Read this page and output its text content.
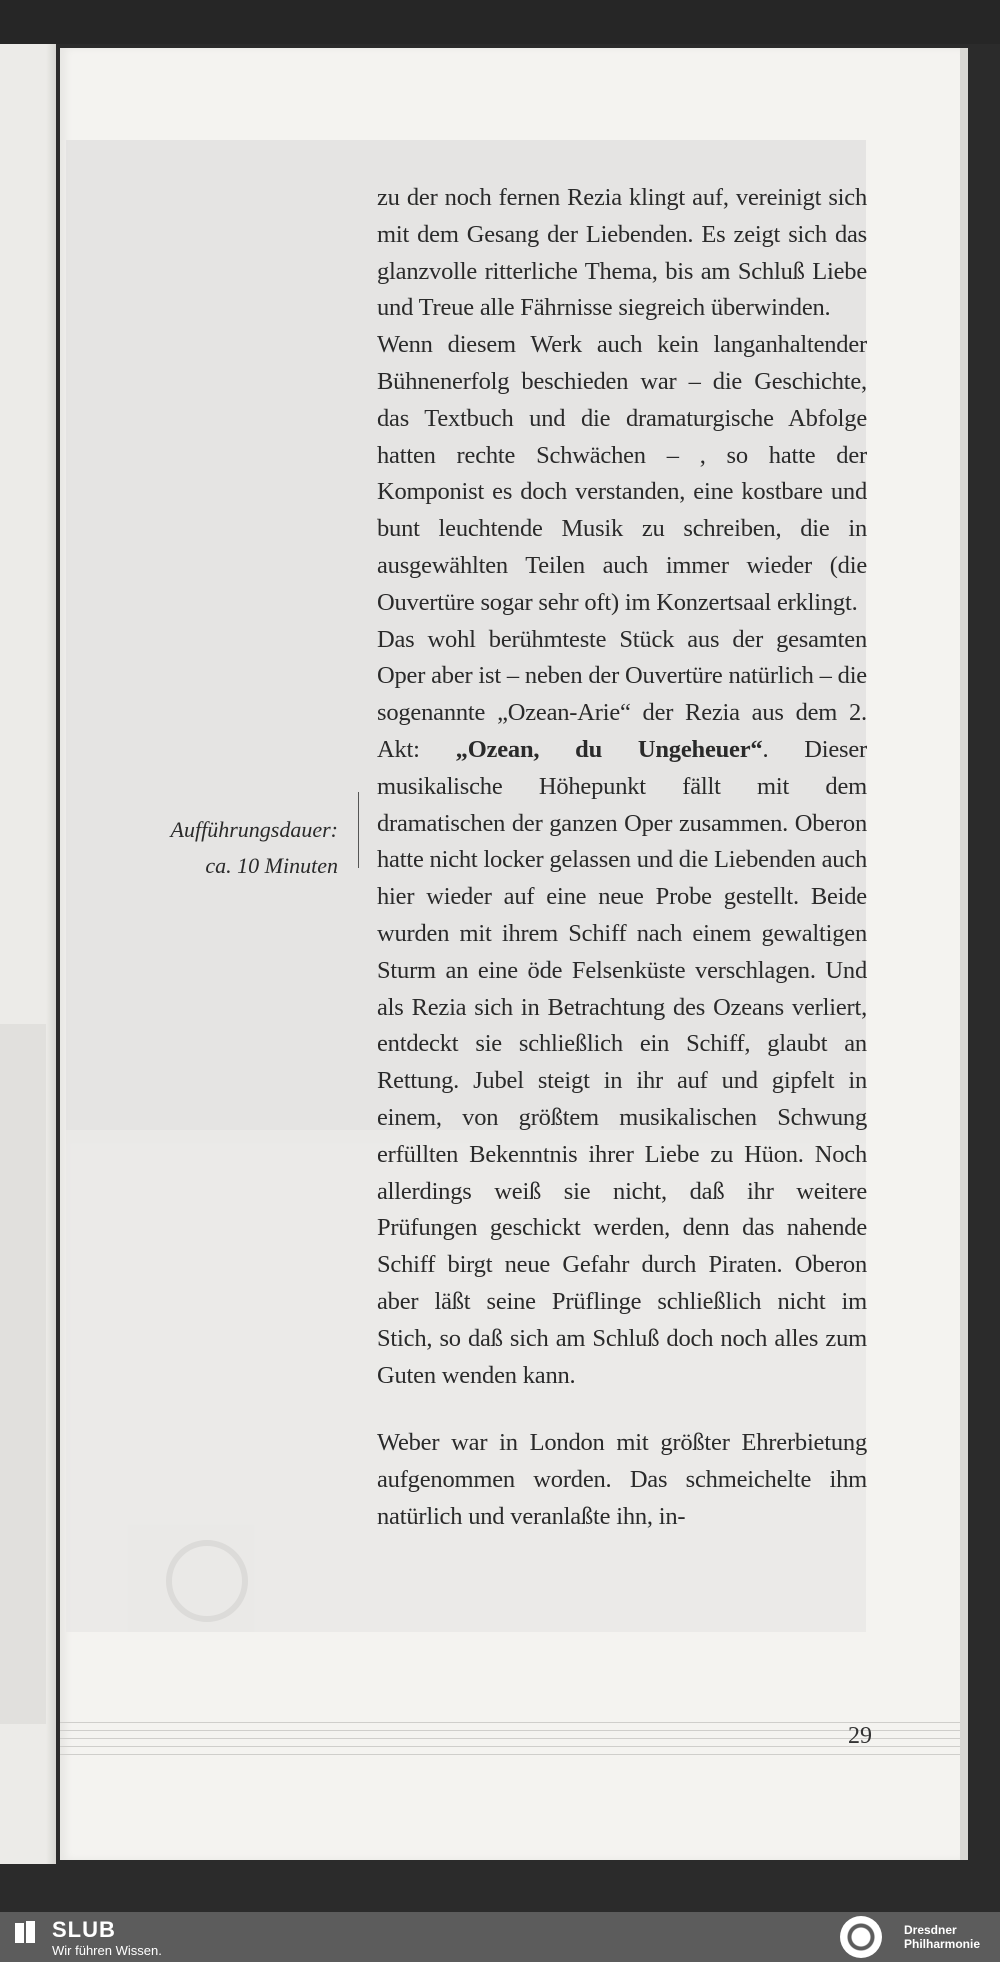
zu der noch fernen Rezia klingt auf, vereinigt sich mit dem Gesang der Liebenden. Es zeigt sich das glanzvolle ritterliche Thema, bis am Schluß Liebe und Treue alle Fährnisse siegreich überwinden.

Wenn diesem Werk auch kein langanhaltender Bühnenerfolg beschieden war – die Geschichte, das Textbuch und die dramaturgische Abfolge hatten rechte Schwächen – , so hatte der Komponist es doch verstanden, eine kostbare und bunt leuchtende Musik zu schreiben, die in ausgewählten Teilen auch immer wieder (die Ouvertüre sogar sehr oft) im Konzertsaal erklingt.

Das wohl berühmteste Stück aus der gesamten Oper aber ist – neben der Ouvertüre natürlich – die sogenannte „Ozean-Arie“ der Rezia aus dem 2. Akt: „Ozean, du Ungeheuer“. Dieser musikalische Höhepunkt fällt mit dem dramatischen der ganzen Oper zusammen. Oberon hatte nicht locker gelassen und die Liebenden auch hier wieder auf eine neue Probe gestellt. Beide wurden mit ihrem Schiff nach einem gewaltigen Sturm an eine öde Felsenküste verschlagen. Und als Rezia sich in Betrachtung des Ozeans verliert, entdeckt sie schließlich ein Schiff, glaubt an Rettung. Jubel steigt in ihr auf und gipfelt in einem, von größtem musikalischen Schwung erfüllten Bekenntnis ihrer Liebe zu Hüon. Noch allerdings weiß sie nicht, daß ihr weitere Prüfungen geschickt werden, denn das nahende Schiff birgt neue Gefahr durch Piraten. Oberon aber läßt seine Prüflinge schließlich nicht im Stich, so daß sich am Schluß doch noch alles zum Guten wenden kann.

Weber war in London mit größter Ehrerbietung aufgenommen worden. Das schmeichelte ihm natürlich und veranlaßte ihn, in-

Aufführungsdauer:
ca. 10 Minuten
29
SLUB
Wir führen Wissen.
Dresdner
Philharmonie
